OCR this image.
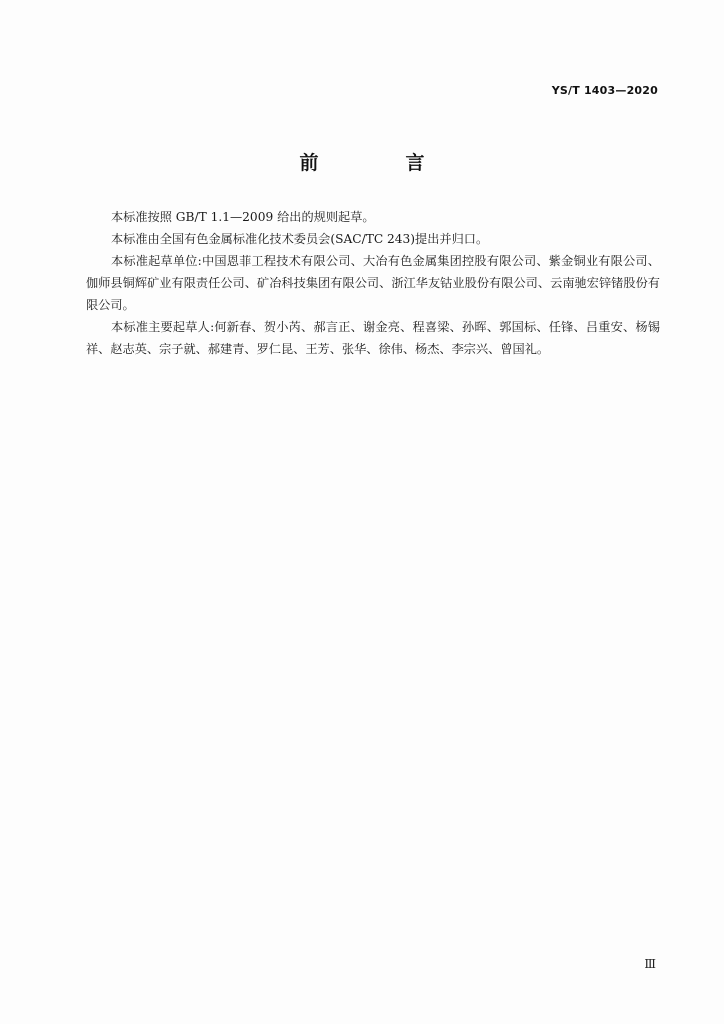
YS/T 1403—2020
前　言

本标准按照 GB/T 1.1—2009 给出的规则起草。

本标准由全国有色金属标准化技术委员会(SAC/TC 243)提出并归口。

本标准起草单位:中国恩菲工程技术有限公司、大冶有色金属集团控股有限公司、紫金铜业有限公司、伽师县铜辉矿业有限责任公司、矿冶科技集团有限公司、浙江华友钴业股份有限公司、云南驰宏锌锗股份有限公司。

本标准主要起草人:何新春、贺小芮、郝言正、谢金亮、程喜梁、孙晖、郭国标、任锋、吕重安、杨锡祥、赵志英、宗子就、郝建青、罗仁昆、王芳、张华、徐伟、杨杰、李宗兴、曾国礼。

Ⅲ
